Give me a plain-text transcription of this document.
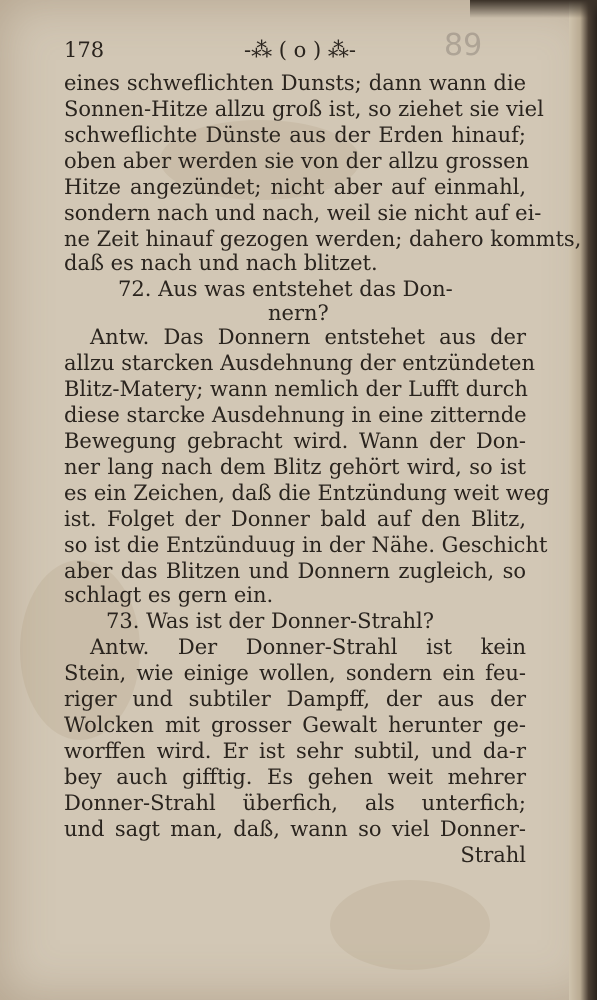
178	-⁂ ( o ) ⁂-	89
eines schweflichten Dunsts; dann wann die
Sonnen-Hitze allzu groß ist, so ziehet sie viel
schweflichte Dünste aus der Erden hinauf;
oben aber werden sie von der allzu grossen
Hitze angezündet; nicht aber auf einmahl,
sondern nach und nach, weil sie nicht auf ei-
ne Zeit hinauf gezogen werden; dahero kommts,
daß es nach und nach blitzet.
72. Aus was entstehet das Don-
nern?
Antw. Das Donnern entstehet aus der
allzu starcken Ausdehnung der entzündeten
Blitz-Matery; wann nemlich der Lufft durch
diese starcke Ausdehnung in eine zitternde
Bewegung gebracht wird. Wann der Don-
ner lang nach dem Blitz gehört wird, so ist
es ein Zeichen, daß die Entzündung weit weg
ist. Folget der Donner bald auf den Blitz,
so ist die Entzünduug in der Nähe. Geschicht
aber das Blitzen und Donnern zugleich, so
schlagt es gern ein.
73. Was ist der Donner-Strahl?
Antw. Der Donner-Strahl ist kein
Stein, wie einige wollen, sondern ein feu-
riger und subtiler Dampff, der aus der
Wolcken mit grosser Gewalt herunter ge-
worffen wird. Er ist sehr subtil, und da-r
bey auch gifftig. Es gehen weit mehrer
Donner-Strahl überfich, als unterfich;
und sagt man, daß, wann so viel Donner-
Strahl
